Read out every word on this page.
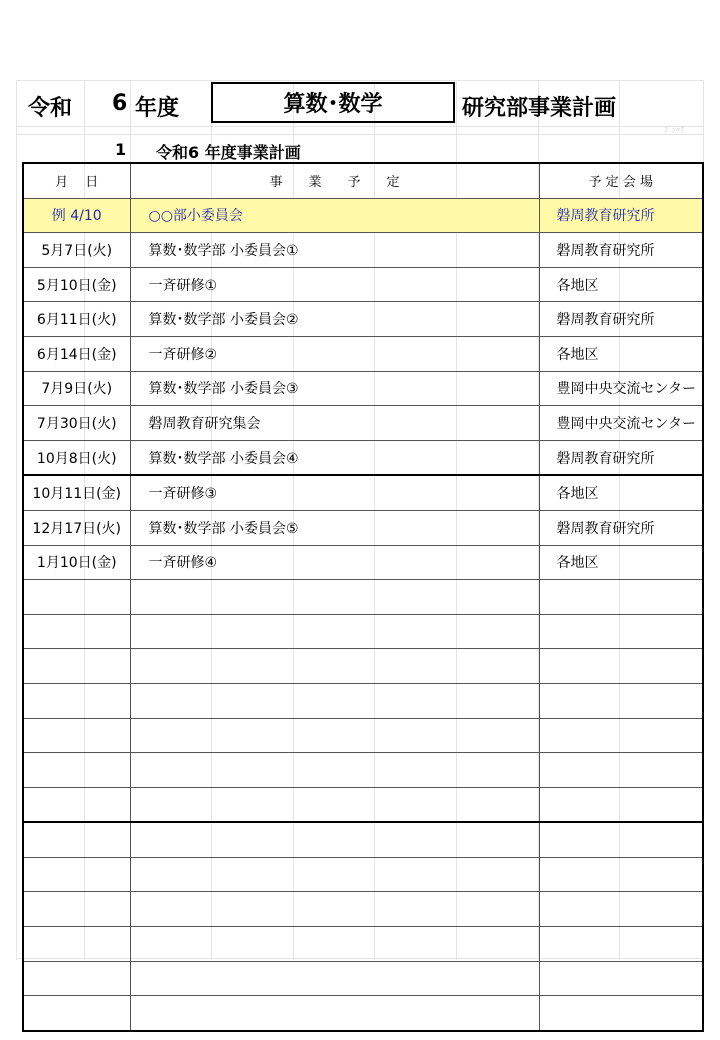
令和 6 年度	算数･数学	研究部事業計画
ｺﾞｼｯｸ
1 令和6 年度事業計画
月　 日	事　　業　　予　　定	予 定 会 場
例 4/10	○○部小委員会	磐周教育研究所
5月7日(火)	算数･数学部 小委員会①	磐周教育研究所
5月10日(金)	一斉研修①	各地区
6月11日(火)	算数･数学部 小委員会②	磐周教育研究所
6月14日(金)	一斉研修②	各地区
7月9日(火)	算数･数学部 小委員会③	豊岡中央交流センター
7月30日(火)	磐周教育研究集会	豊岡中央交流センター
10月8日(火)	算数･数学部 小委員会④	磐周教育研究所
10月11日(金)	一斉研修③	各地区
12月17日(火)	算数･数学部 小委員会⑤	磐周教育研究所
1月10日(金)	一斉研修④	各地区
